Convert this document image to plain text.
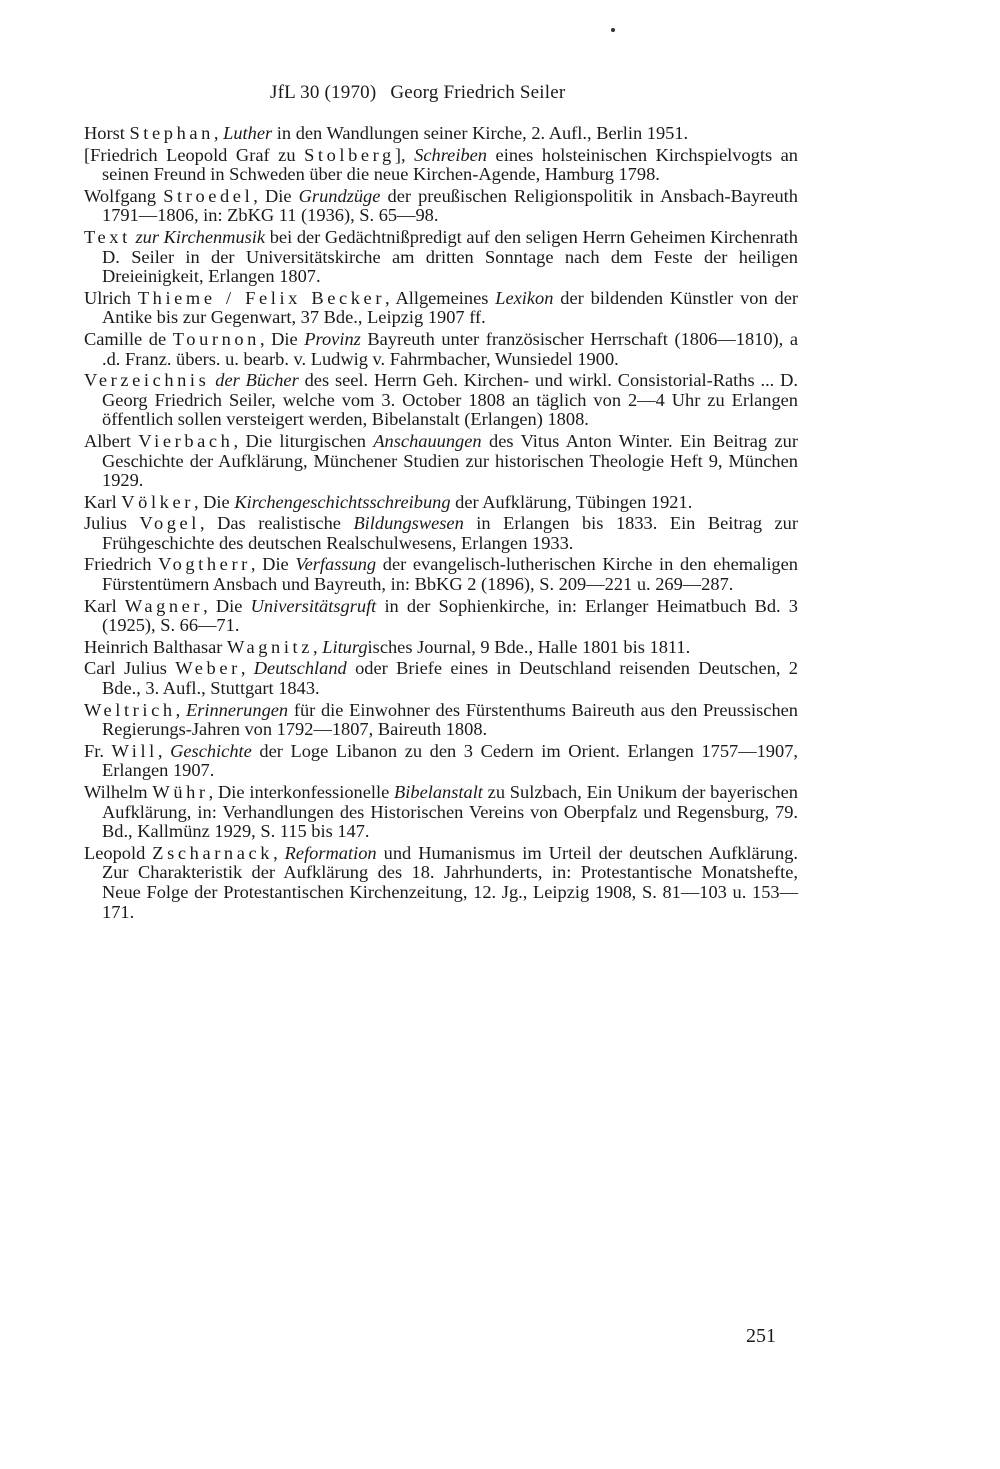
JfL 30 (1970) Georg Friedrich Seiler
Horst Stephan, Luther in den Wandlungen seiner Kirche, 2. Aufl., Berlin 1951.
[Friedrich Leopold Graf zu Stolberg], Schreiben eines holsteinischen Kirchspielvogts an seinen Freund in Schweden über die neue Kirchen-Agende, Hamburg 1798.
Wolfgang Stroedel, Die Grundzüge der preußischen Religionspolitik in Ansbach-Bayreuth 1791—1806, in: ZbKG 11 (1936), S. 65—98.
Text zur Kirchenmusik bei der Gedächtnißpredigt auf den seligen Herrn Geheimen Kirchenrath D. Seiler in der Universitätskirche am dritten Sonntage nach dem Feste der heiligen Dreieinigkeit, Erlangen 1807.
Ulrich Thieme / Felix Becker, Allgemeines Lexikon der bildenden Künstler von der Antike bis zur Gegenwart, 37 Bde., Leipzig 1907 ff.
Camille de Tournon, Die Provinz Bayreuth unter französischer Herrschaft (1806—1810), a .d. Franz. übers. u. bearb. v. Ludwig v. Fahrmbacher, Wunsiedel 1900.
Verzeichnis der Bücher des seel. Herrn Geh. Kirchen- und wirkl. Consistorial-Raths ... D. Georg Friedrich Seiler, welche vom 3. October 1808 an täglich von 2—4 Uhr zu Erlangen öffentlich sollen versteigert werden, Bibelanstalt (Erlangen) 1808.
Albert Vierbach, Die liturgischen Anschauungen des Vitus Anton Winter. Ein Beitrag zur Geschichte der Aufklärung, Münchener Studien zur historischen Theologie Heft 9, München 1929.
Karl Völker, Die Kirchengeschichtsschreibung der Aufklärung, Tübingen 1921.
Julius Vogel, Das realistische Bildungswesen in Erlangen bis 1833. Ein Beitrag zur Frühgeschichte des deutschen Realschulwesens, Erlangen 1933.
Friedrich Vogtherr, Die Verfassung der evangelisch-lutherischen Kirche in den ehemaligen Fürstentümern Ansbach und Bayreuth, in: BbKG 2 (1896), S. 209—221 u. 269—287.
Karl Wagner, Die Universitätsgruft in der Sophienkirche, in: Erlanger Heimatbuch Bd. 3 (1925), S. 66—71.
Heinrich Balthasar Wagnitz, Liturgisches Journal, 9 Bde., Halle 1801 bis 1811.
Carl Julius Weber, Deutschland oder Briefe eines in Deutschland reisenden Deutschen, 2 Bde., 3. Aufl., Stuttgart 1843.
Weltrich, Erinnerungen für die Einwohner des Fürstenthums Baireuth aus den Preussischen Regierungs-Jahren von 1792—1807, Baireuth 1808.
Fr. Will, Geschichte der Loge Libanon zu den 3 Cedern im Orient. Erlangen 1757—1907, Erlangen 1907.
Wilhelm Wühr, Die interkonfessionelle Bibelanstalt zu Sulzbach, Ein Unikum der bayerischen Aufklärung, in: Verhandlungen des Historischen Vereins von Oberpfalz und Regensburg, 79. Bd., Kallmünz 1929, S. 115 bis 147.
Leopold Zscharnack, Reformation und Humanismus im Urteil der deutschen Aufklärung. Zur Charakteristik der Aufklärung des 18. Jahrhunderts, in: Protestantische Monatshefte, Neue Folge der Protestantischen Kirchenzeitung, 12. Jg., Leipzig 1908, S. 81—103 u. 153—171.
251
